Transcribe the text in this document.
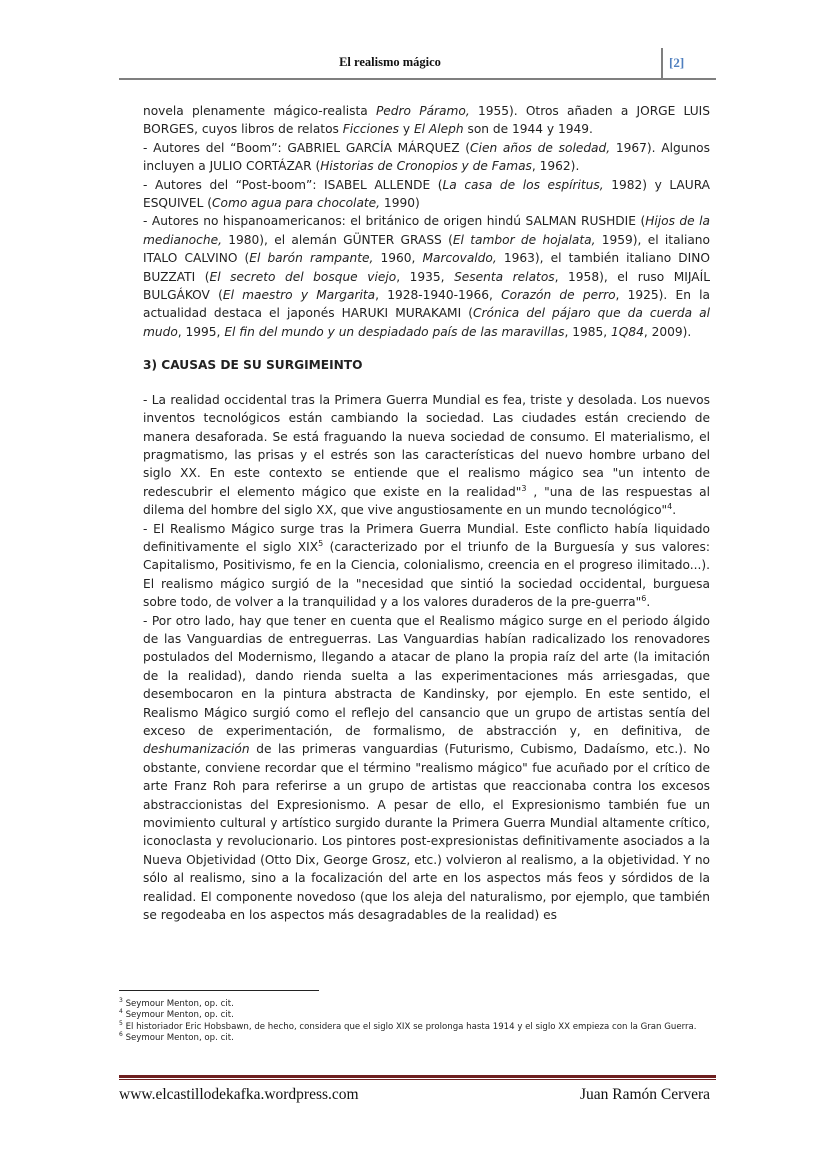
El realismo mágico	[2]

novela plenamente mágico-realista Pedro Páramo, 1955). Otros añaden a JORGE LUIS BORGES, cuyos libros de relatos Ficciones y El Aleph son de 1944 y 1949.

- Autores del “Boom”: GABRIEL GARCÍA MÁRQUEZ (Cien años de soledad, 1967). Algunos incluyen a JULIO CORTÁZAR (Historias de Cronopios y de Famas, 1962).

- Autores del “Post-boom”: ISABEL ALLENDE (La casa de los espíritus, 1982) y LAURA ESQUIVEL (Como agua para chocolate, 1990)

- Autores no hispanoamericanos: el británico de origen hindú SALMAN RUSHDIE (Hijos de la medianoche, 1980), el alemán GÜNTER GRASS (El tambor de hojalata, 1959), el italiano ITALO CALVINO (El barón rampante, 1960, Marcovaldo, 1963), el también italiano DINO BUZZATI (El secreto del bosque viejo, 1935, Sesenta relatos, 1958), el ruso MIJAÍL BULGÁKOV (El maestro y Margarita, 1928-1940-1966, Corazón de perro, 1925). En la actualidad destaca el japonés HARUKI MURAKAMI (Crónica del pájaro que da cuerda al mudo, 1995, El fin del mundo y un despiadado país de las maravillas, 1985, 1Q84, 2009).

3) CAUSAS DE SU SURGIMEINTO

- La realidad occidental tras la Primera Guerra Mundial es fea, triste y desolada. Los nuevos inventos tecnológicos están cambiando la sociedad. Las ciudades están creciendo de manera desaforada. Se está fraguando la nueva sociedad de consumo. El materialismo, el pragmatismo, las prisas y el estrés son las características del nuevo hombre urbano del siglo XX. En este contexto se entiende que el realismo mágico sea "un intento de redescubrir el elemento mágico que existe en la realidad"$^3$ , "una de las respuestas al dilema del hombre del siglo XX, que vive angustiosamente en un mundo tecnológico"$^4$.

- El Realismo Mágico surge tras la Primera Guerra Mundial. Este conflicto había liquidado definitivamente el siglo XIX$^5$ (caracterizado por el triunfo de la Burguesía y sus valores: Capitalismo, Positivismo, fe en la Ciencia, colonialismo, creencia en el progreso ilimitado...). El realismo mágico surgió de la "necesidad que sintió la sociedad occidental, burguesa sobre todo, de volver a la tranquilidad y a los valores duraderos de la pre-guerra"$^6$.

- Por otro lado, hay que tener en cuenta que el Realismo mágico surge en el periodo álgido de las Vanguardias de entreguerras. Las Vanguardias habían radicalizado los renovadores postulados del Modernismo, llegando a atacar de plano la propia raíz del arte (la imitación de la realidad), dando rienda suelta a las experimentaciones más arriesgadas, que desembocaron en la pintura abstracta de Kandinsky, por ejemplo. En este sentido, el Realismo Mágico surgió como el reflejo del cansancio que un grupo de artistas sentía del exceso de experimentación, de formalismo, de abstracción y, en definitiva, de deshumanización de las primeras vanguardias (Futurismo, Cubismo, Dadaísmo, etc.). No obstante, conviene recordar que el término "realismo mágico" fue acuñado por el crítico de arte Franz Roh para referirse a un grupo de artistas que reaccionaba contra los excesos abstraccionistas del Expresionismo. A pesar de ello, el Expresionismo también fue un movimiento cultural y artístico surgido durante la Primera Guerra Mundial altamente crítico, iconoclasta y revolucionario. Los pintores post-expresionistas definitivamente asociados a la Nueva Objetividad (Otto Dix, George Grosz, etc.) volvieron al realismo, a la objetividad. Y no sólo al realismo, sino a la focalización del arte en los aspectos más feos y sórdidos de la realidad. El componente novedoso (que los aleja del naturalismo, por ejemplo, que también se regodeaba en los aspectos más desagradables de la realidad) es

$^3$ Seymour Menton, op. cit.

$^4$ Seymour Menton, op. cit.

$^5$ El historiador Eric Hobsbawn, de hecho, considera que el siglo XIX se prolonga hasta 1914 y el siglo XX empieza con la Gran Guerra.

$^6$ Seymour Menton, op. cit.

www.elcastillodekafka.wordpress.com	Juan Ramón Cervera
